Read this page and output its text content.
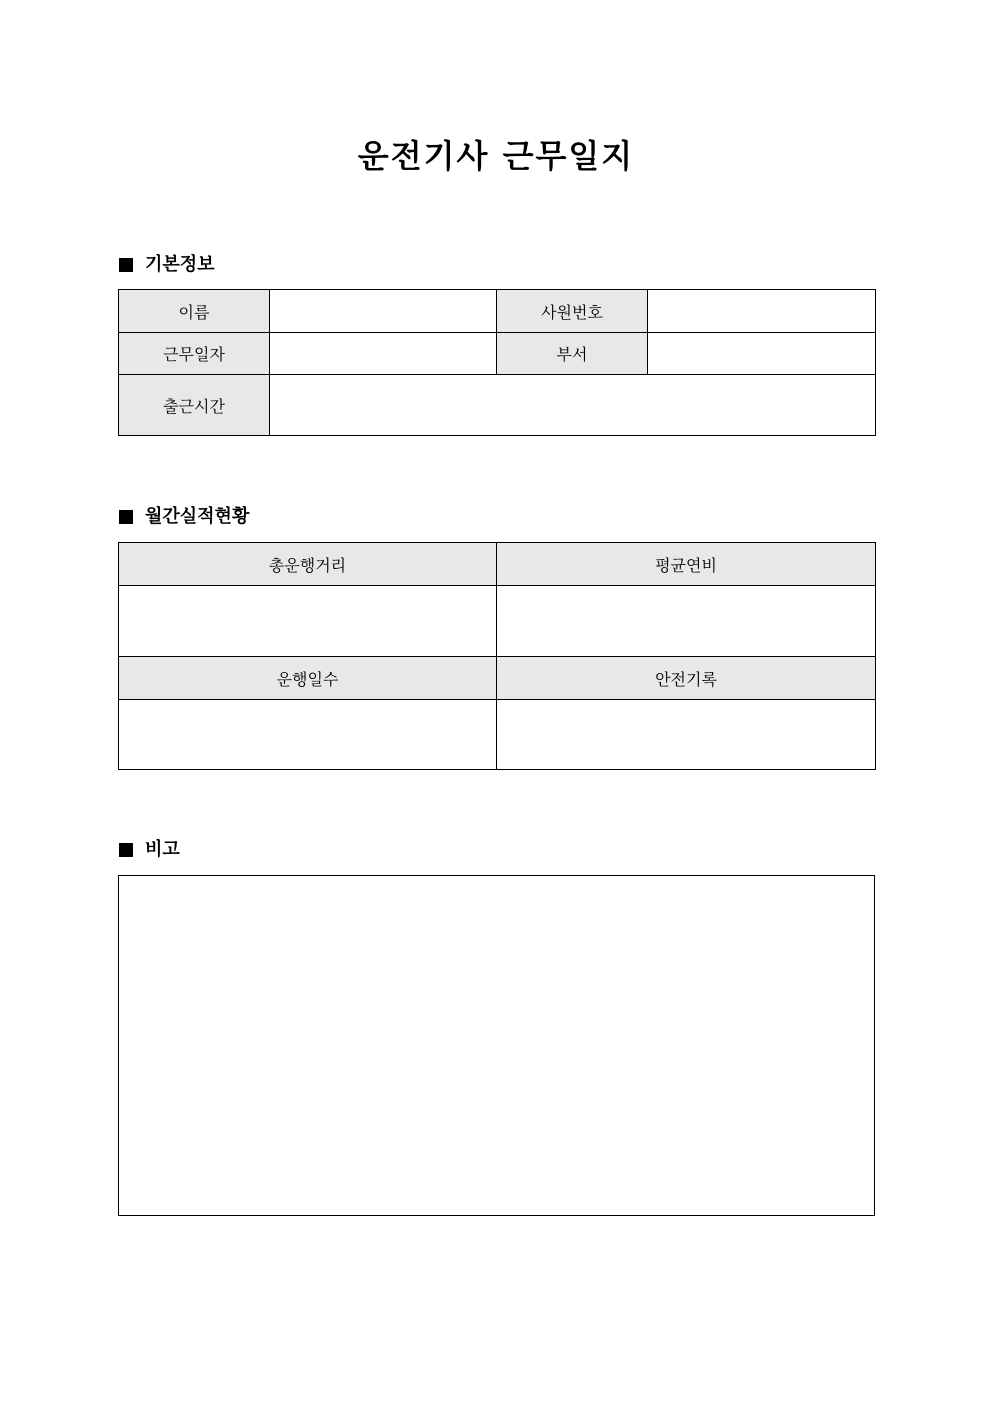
운전기사 근무일지
기본정보
이름		사원번호	
근무일자		부서	
출근시간			
월간실적현황
총운행거리	평균연비

운행일수	안전기록

비고
